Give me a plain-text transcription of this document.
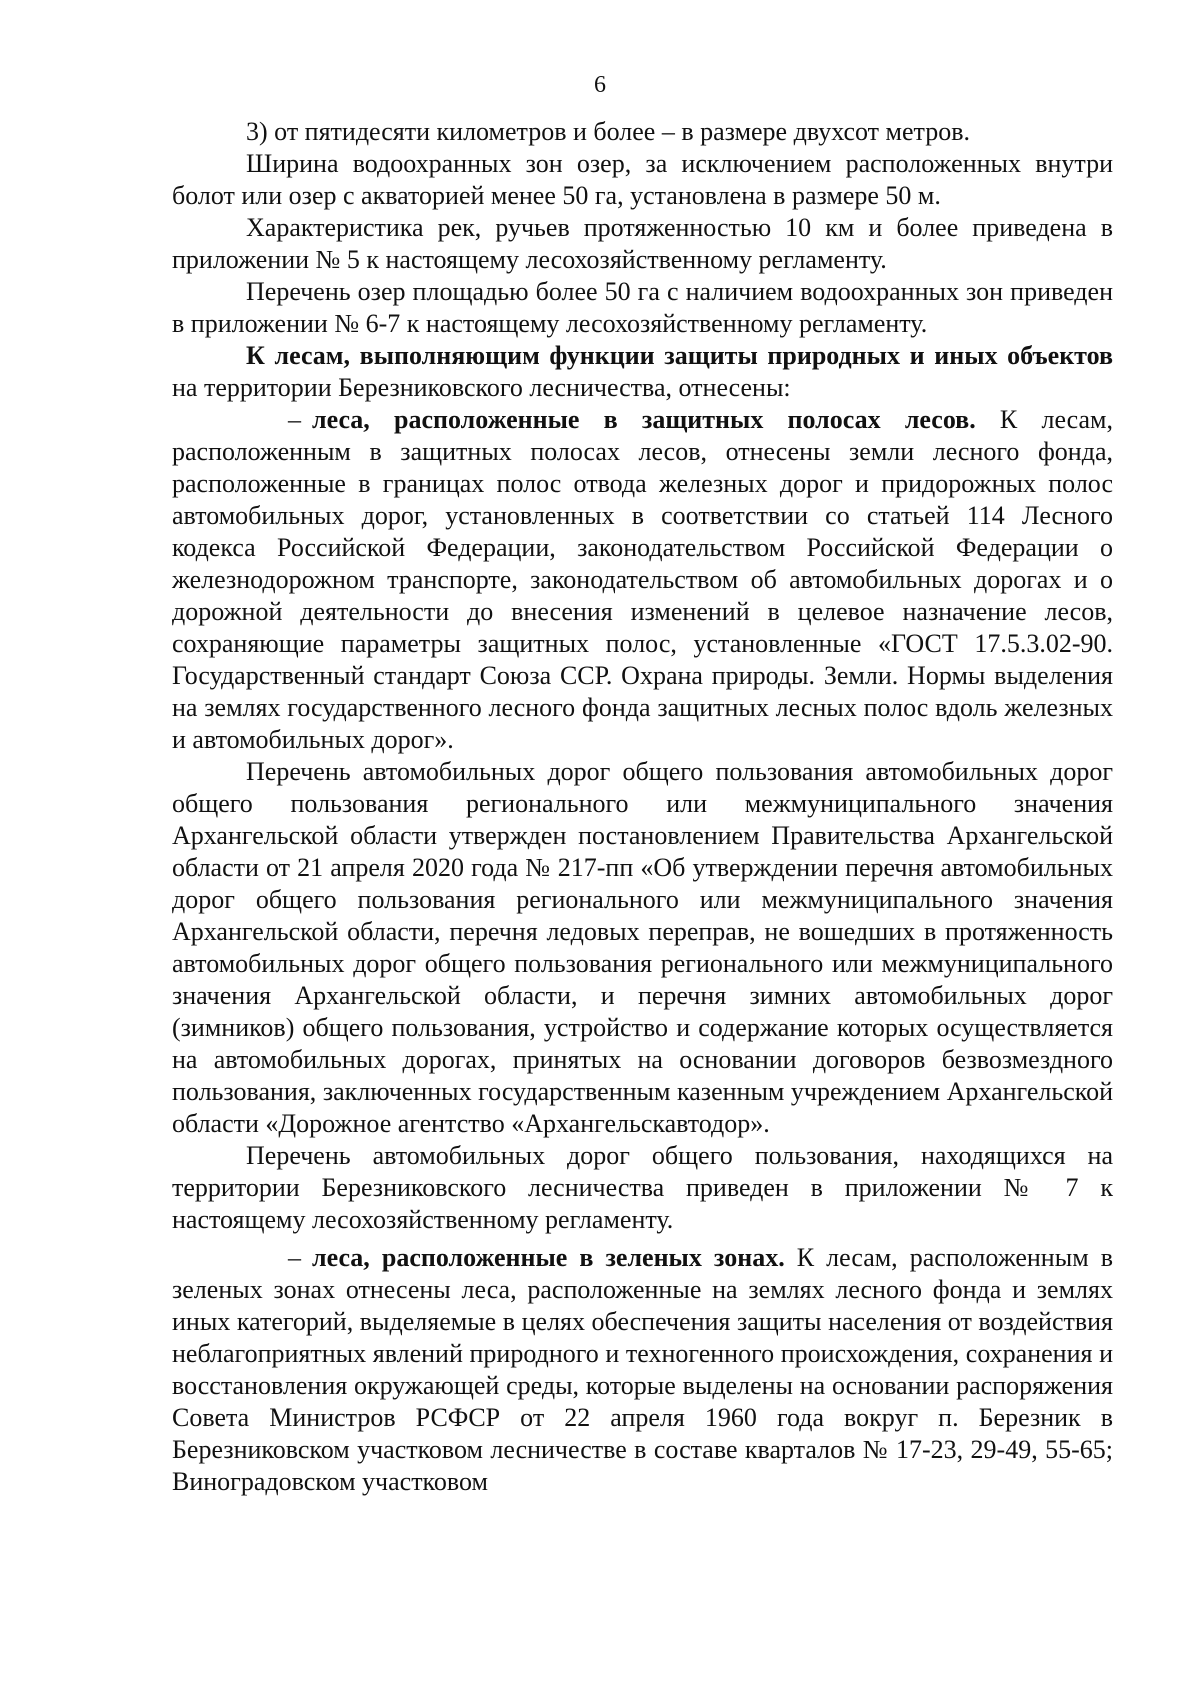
6

3) от пятидесяти километров и более – в размере двухсот метров.

Ширина водоохранных зон озер, за исключением расположенных внутри болот или озер с акваторией менее 50 га, установлена в размере 50 м.

Характеристика рек, ручьев протяженностью 10 км и более приведена в приложении № 5 к настоящему лесохозяйственному регламенту.

Перечень озер площадью более 50 га с наличием водоохранных зон приведен в приложении № 6-7 к настоящему лесохозяйственному регламенту.

К лесам, выполняющим функции защиты природных и иных объектов на территории Березниковского лесничества, отнесены:

– леса, расположенные в защитных полосах лесов. К лесам, расположенным в защитных полосах лесов, отнесены земли лесного фонда, расположенные в границах полос отвода железных дорог и придорожных полос автомобильных дорог, установленных в соответствии со статьей 114 Лесного кодекса Российской Федерации, законодательством Российской Федерации о железнодорожном транспорте, законодательством об автомобильных дорогах и о дорожной деятельности до внесения изменений в целевое назначение лесов, сохраняющие параметры защитных полос, установленные «ГОСТ 17.5.3.02-90. Государственный стандарт Союза ССР. Охрана природы. Земли. Нормы выделения на землях государственного лесного фонда защитных лесных полос вдоль железных и автомобильных дорог».

Перечень автомобильных дорог общего пользования автомобильных дорог общего пользования регионального или межмуниципального значения Архангельской области утвержден постановлением Правительства Архангельской области от 21 апреля 2020 года № 217-пп «Об утверждении перечня автомобильных дорог общего пользования регионального или межмуниципального значения Архангельской области, перечня ледовых переправ, не вошедших в протяженность автомобильных дорог общего пользования регионального или межмуниципального значения Архангельской области, и перечня зимних автомобильных дорог (зимников) общего пользования, устройство и содержание которых осуществляется на автомобильных дорогах, принятых на основании договоров безвозмездного пользования, заключенных государственным казенным учреждением Архангельской области «Дорожное агентство «Архангельскавтодор».

Перечень автомобильных дорог общего пользования, находящихся на территории Березниковского лесничества приведен в приложении № 7 к настоящему лесохозяйственному регламенту.

– леса, расположенные в зеленых зонах. К лесам, расположенным в зеленых зонах отнесены леса, расположенные на землях лесного фонда и землях иных категорий, выделяемые в целях обеспечения защиты населения от воздействия неблагоприятных явлений природного и техногенного происхождения, сохранения и восстановления окружающей среды, которые выделены на основании распоряжения Совета Министров РСФСР от 22 апреля 1960 года вокруг п. Березник в Березниковском участковом лесничестве в составе кварталов № 17-23, 29-49, 55-65; Виноградовском участковом
